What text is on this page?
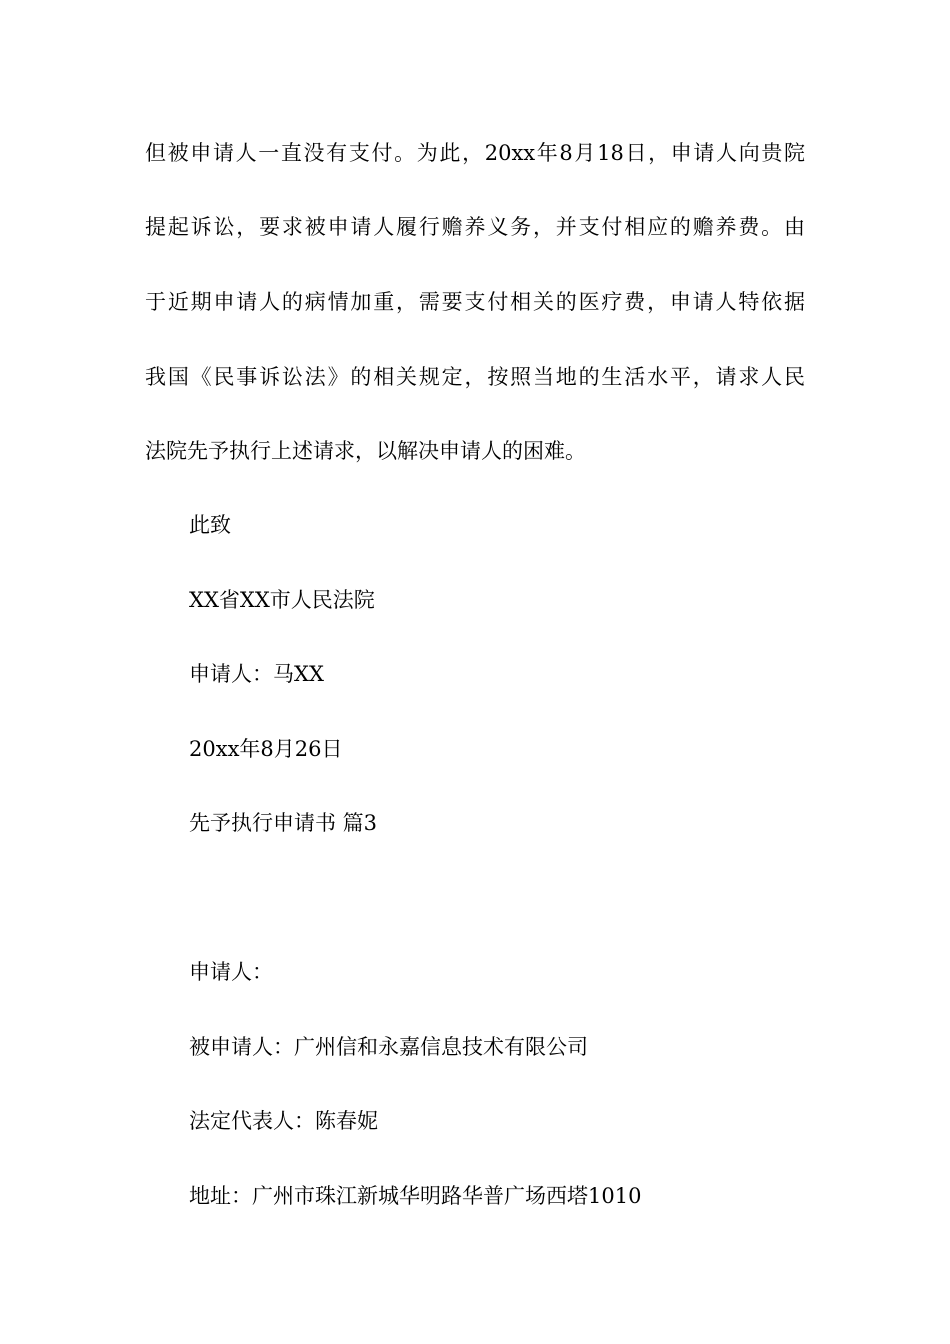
但被申请人一直没有支付。为此，20xx年8月18日，申请人向贵院
提起诉讼，要求被申请人履行赡养义务，并支付相应的赡养费。由
于近期申请人的病情加重，需要支付相关的医疗费，申请人特依据
我国《民事诉讼法》的相关规定，按照当地的生活水平，请求人民
法院先予执行上述请求，以解决申请人的困难。
此致
XX省XX市人民法院
申请人：马XX
20xx年8月26日
先予执行申请书 篇3
申请人：
被申请人：广州信和永嘉信息技术有限公司
法定代表人：陈春妮
地址：广州市珠江新城华明路华普广场西塔1010
